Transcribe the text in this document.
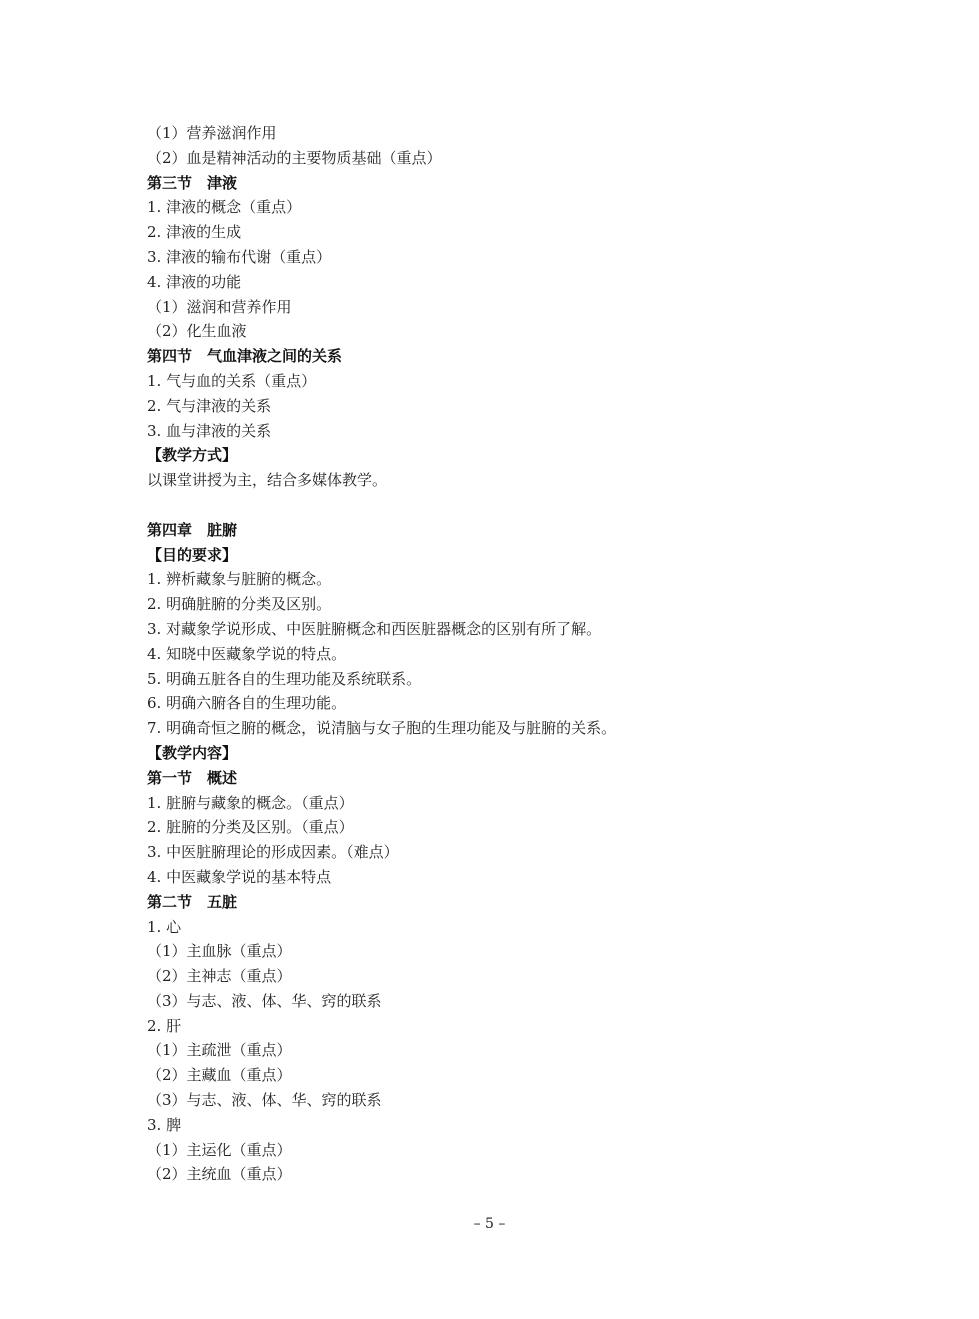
（1）营养滋润作用
（2）血是精神活动的主要物质基础（重点）
第三节　津液
1. 津液的概念（重点）
2. 津液的生成
3. 津液的输布代谢（重点）
4. 津液的功能
（1）滋润和营养作用
（2）化生血液
第四节　气血津液之间的关系
1. 气与血的关系（重点）
2. 气与津液的关系
3. 血与津液的关系
【教学方式】
以课堂讲授为主，结合多媒体教学。
第四章　脏腑
【目的要求】
1. 辨析藏象与脏腑的概念。
2. 明确脏腑的分类及区别。
3. 对藏象学说形成、中医脏腑概念和西医脏器概念的区别有所了解。
4. 知晓中医藏象学说的特点。
5. 明确五脏各自的生理功能及系统联系。
6. 明确六腑各自的生理功能。
7. 明确奇恒之腑的概念，说清脑与女子胞的生理功能及与脏腑的关系。
【教学内容】
第一节　概述
1. 脏腑与藏象的概念。（重点）
2. 脏腑的分类及区别。（重点）
3. 中医脏腑理论的形成因素。（难点）
4. 中医藏象学说的基本特点
第二节　五脏
1. 心
（1）主血脉（重点）
（2）主神志（重点）
（3）与志、液、体、华、窍的联系
2. 肝
（1）主疏泄（重点）
（2）主藏血（重点）
（3）与志、液、体、华、窍的联系
3. 脾
（1）主运化（重点）
（2）主统血（重点）
– 5 –
